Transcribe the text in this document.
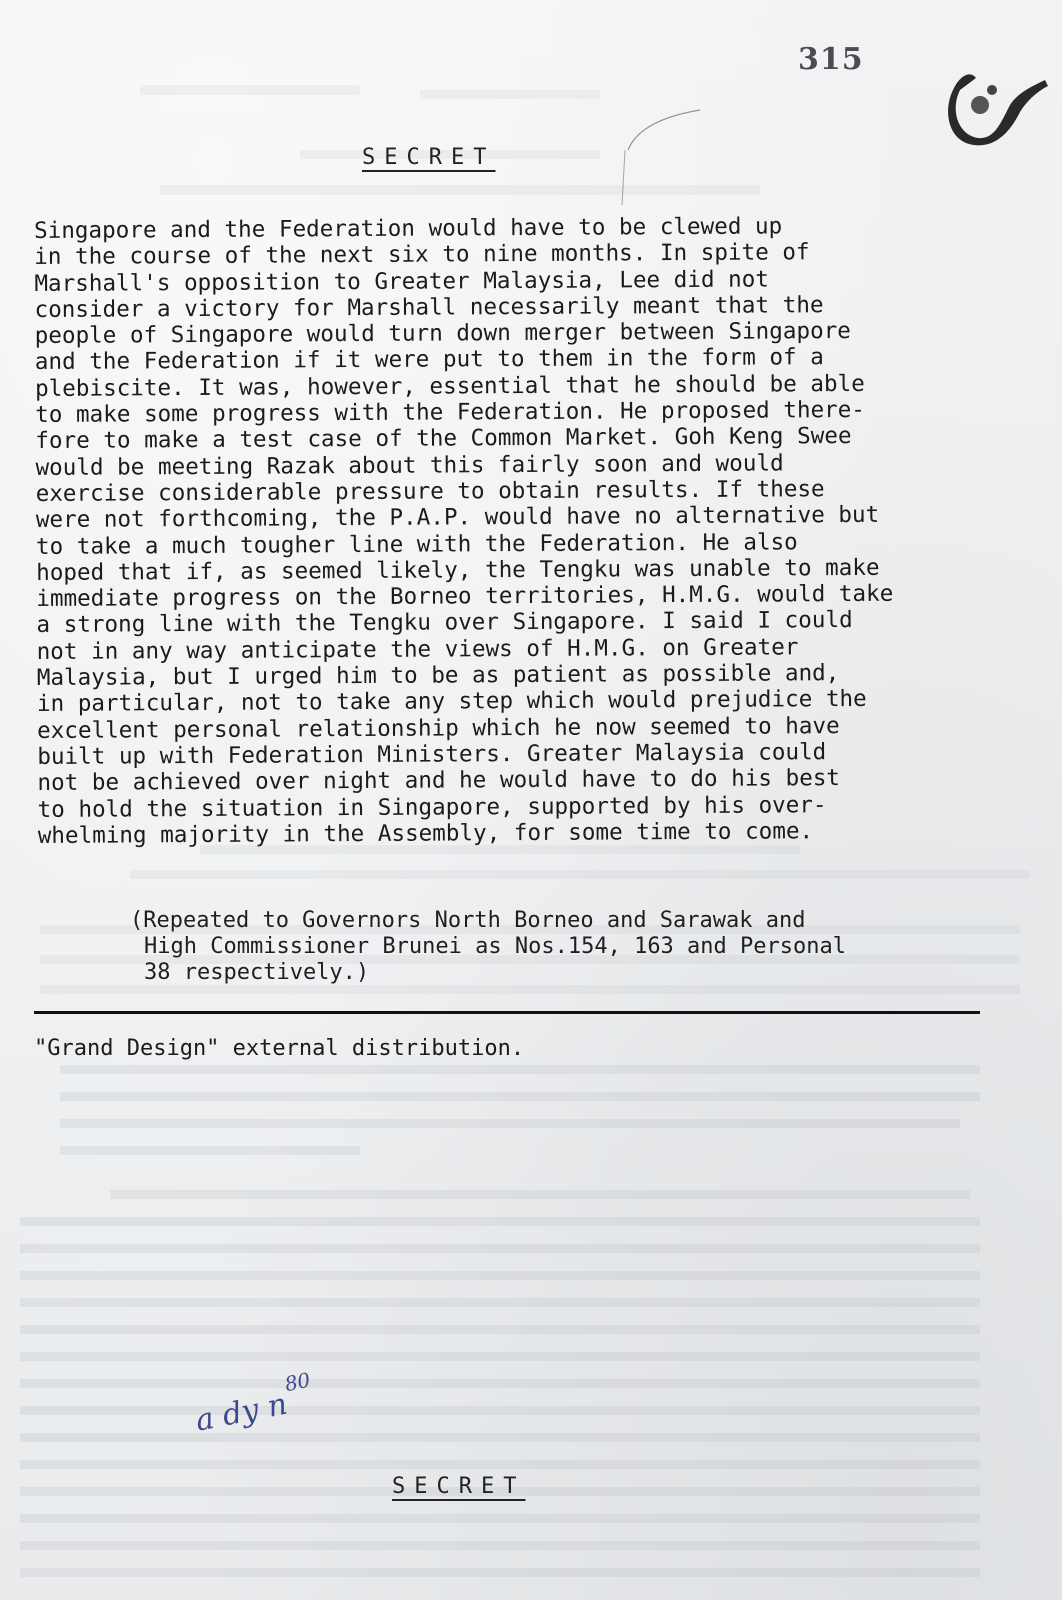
315
SECRET
Singapore and the Federation would have to be clewed up
in the course of the next six to nine months. In spite of
Marshall's opposition to Greater Malaysia, Lee did not
consider a victory for Marshall necessarily meant that the
people of Singapore would turn down merger between Singapore
and the Federation if it were put to them in the form of a
plebiscite. It was, however, essential that he should be able
to make some progress with the Federation. He proposed there-
fore to make a test case of the Common Market. Goh Keng Swee
would be meeting Razak about this fairly soon and would
exercise considerable pressure to obtain results. If these
were not forthcoming, the P.A.P. would have no alternative but
to take a much tougher line with the Federation. He also
hoped that if, as seemed likely, the Tengku was unable to make
immediate progress on the Borneo territories, H.M.G. would take
a strong line with the Tengku over Singapore. I said I could
not in any way anticipate the views of H.M.G. on Greater
Malaysia, but I urged him to be as patient as possible and,
in particular, not to take any step which would prejudice the
excellent personal relationship which he now seemed to have
built up with Federation Ministers. Greater Malaysia could
not be achieved over night and he would have to do his best
to hold the situation in Singapore, supported by his over-
whelming majority in the Assembly, for some time to come.
(Repeated to Governors North Borneo and Sarawak and
High Commissioner Brunei as Nos.154, 163 and Personal
38 respectively.)
"Grand Design" external distribution.
a dy $n^{80}$
SECRET
